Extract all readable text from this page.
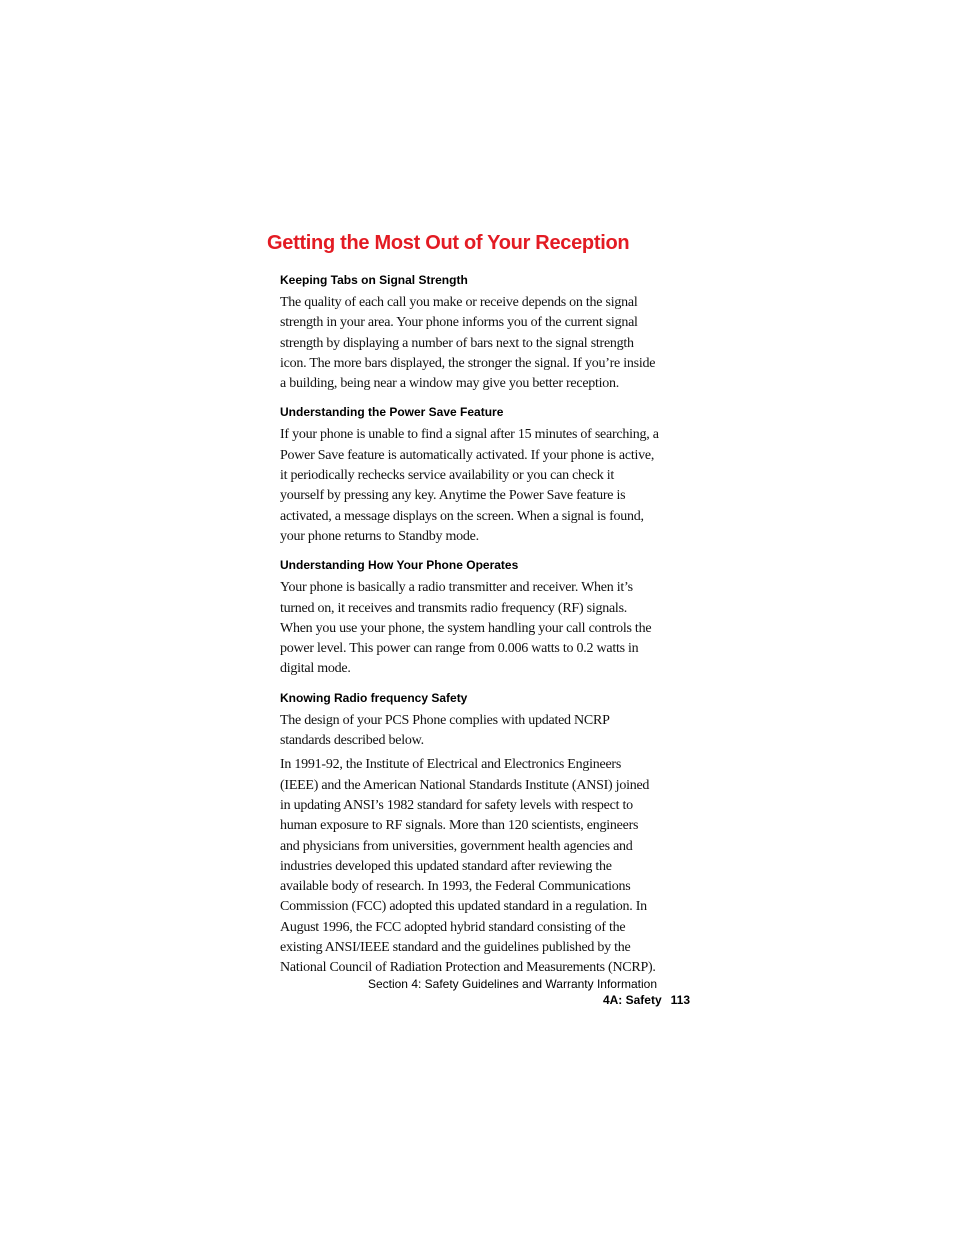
Getting the Most Out of Your Reception
Keeping Tabs on Signal Strength

The quality of each call you make or receive depends on the signal strength in your area. Your phone informs you of the current signal strength by displaying a number of bars next to the signal strength icon. The more bars displayed, the stronger the signal. If you’re inside a building, being near a window may give you better reception.

Understanding the Power Save Feature

If your phone is unable to find a signal after 15 minutes of searching, a Power Save feature is automatically activated. If your phone is active, it periodically rechecks service availability or you can check it yourself by pressing any key. Anytime the Power Save feature is activated, a message displays on the screen. When a signal is found, your phone returns to Standby mode.

Understanding How Your Phone Operates

Your phone is basically a radio transmitter and receiver. When it’s turned on, it receives and transmits radio frequency (RF) signals. When you use your phone, the system handling your call controls the power level. This power can range from 0.006 watts to 0.2 watts in digital mode.

Knowing Radio frequency Safety

The design of your PCS Phone complies with updated NCRP standards described below.

In 1991-92, the Institute of Electrical and Electronics Engineers (IEEE) and the American National Standards Institute (ANSI) joined in updating ANSI’s 1982 standard for safety levels with respect to human exposure to RF signals. More than 120 scientists, engineers and physicians from universities, government health agencies and industries developed this updated standard after reviewing the available body of research. In 1993, the Federal Communications Commission (FCC) adopted this updated standard in a regulation. In August 1996, the FCC adopted hybrid standard consisting of the existing ANSI/IEEE standard and the guidelines published by the National Council of Radiation Protection and Measurements (NCRP).

Section 4: Safety Guidelines and Warranty Information

4A: Safety 113
